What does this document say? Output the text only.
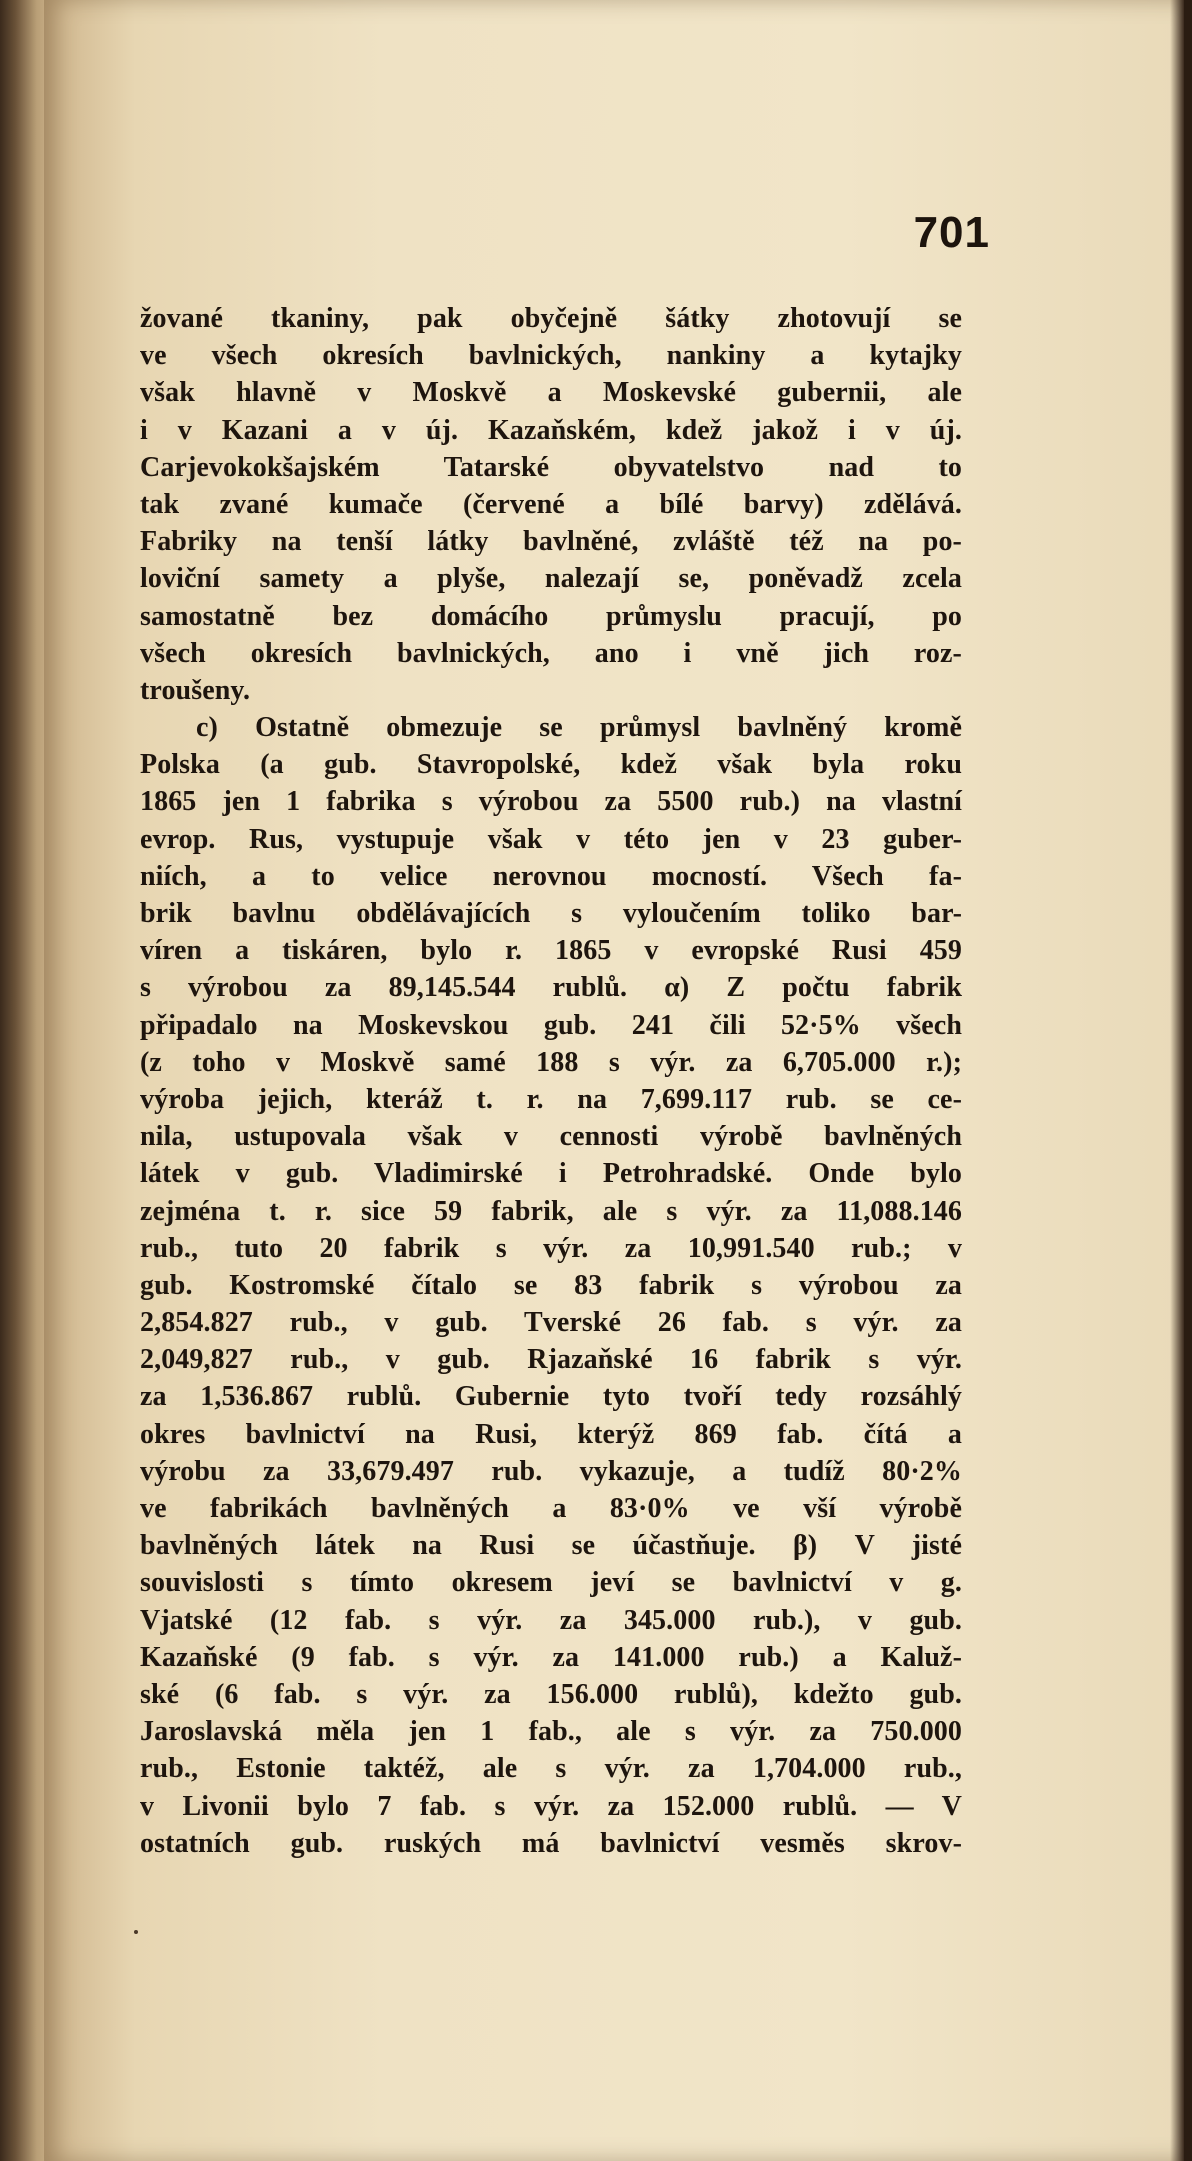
701
žované tkaniny, pak obyčejně šátky zhotovují se
ve všech okresích bavlnických, nankiny a kytajky
však hlavně v Moskvě a Moskevské gubernii, ale
i v Kazani a v új. Kazaňském, kdež jakož i v új.
Carjevokokšajském Tatarské obyvatelstvo nad to
tak zvané kumače (červené a bílé barvy) zdělává.
Fabriky na tenší látky bavlněné, zvláště též na po-
loviční samety a plyše, nalezají se, poněvadž zcela
samostatně bez domácího průmyslu pracují, po
všech okresích bavlnických, ano i vně jich roz-
troušeny.
c) Ostatně obmezuje se průmysl bavlněný kromě
Polska (a gub. Stavropolské, kdež však byla roku
1865 jen 1 fabrika s výrobou za 5500 rub.) na vlastní
evrop. Rus, vystupuje však v této jen v 23 guber-
niích, a to velice nerovnou mocností. Všech fa-
brik bavlnu obdělávajících s vyloučením toliko bar-
víren a tiskáren, bylo r. 1865 v evropské Rusi 459
s výrobou za 89,145.544 rublů. α) Z počtu fabrik
připadalo na Moskevskou gub. 241 čili 52·5% všech
(z toho v Moskvě samé 188 s výr. za 6,705.000 r.);
výroba jejich, kteráž t. r. na 7,699.117 rub. se ce-
nila, ustupovala však v cennosti výrobě bavlněných
látek v gub. Vladimirské i Petrohradské. Onde bylo
zejména t. r. sice 59 fabrik, ale s výr. za 11,088.146
rub., tuto 20 fabrik s výr. za 10,991.540 rub.; v
gub. Kostromské čítalo se 83 fabrik s výrobou za
2,854.827 rub., v gub. Tverské 26 fab. s výr. za
2,049,827 rub., v gub. Rjazaňské 16 fabrik s výr.
za 1,536.867 rublů. Gubernie tyto tvoří tedy rozsáhlý
okres bavlnictví na Rusi, kterýž 869 fab. čítá a
výrobu za 33,679.497 rub. vykazuje, a tudíž 80·2%
ve fabrikách bavlněných a 83·0% ve vší výrobě
bavlněných látek na Rusi se účastňuje. β) V jisté
souvislosti s tímto okresem jeví se bavlnictví v g.
Vjatské (12 fab. s výr. za 345.000 rub.), v gub.
Kazaňské (9 fab. s výr. za 141.000 rub.) a Kaluž-
ské (6 fab. s výr. za 156.000 rublů), kdežto gub.
Jaroslavská měla jen 1 fab., ale s výr. za 750.000
rub., Estonie taktéž, ale s výr. za 1,704.000 rub.,
v Livonii bylo 7 fab. s výr. za 152.000 rublů. — V
ostatních gub. ruských má bavlnictví vesměs skrov-
